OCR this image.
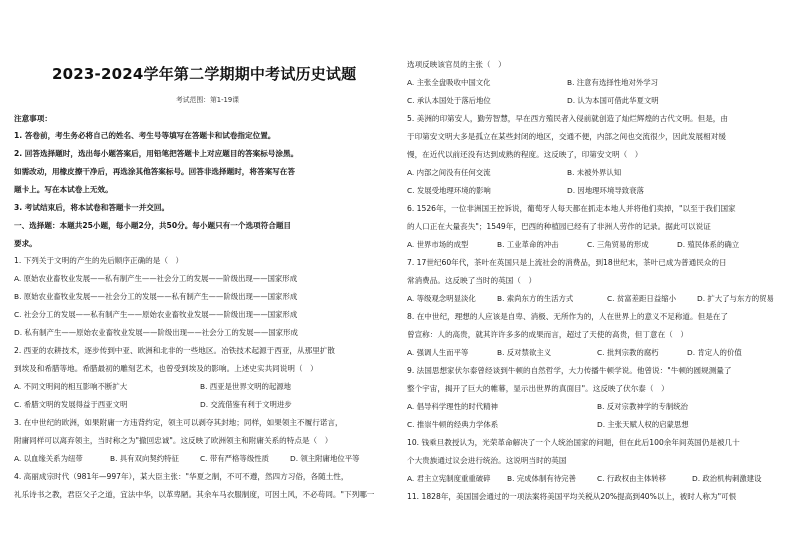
2023-2024学年第二学期期中考试历史试题
考试范围：第1-19课
注意事项：
1. 答卷前，考生务必将自己的姓名、考生号等填写在答题卡和试卷指定位置。
2. 回答选择题时，选出每小题答案后，用铅笔把答题卡上对应题目的答案标号涂黑。
如需改动，用橡皮擦干净后，再选涂其他答案标号。回答非选择题时，将答案写在答
题卡上。写在本试卷上无效。
3. 考试结束后，将本试卷和答题卡一并交回。
一、选择题：本题共25小题，每小题2分，共50分。每小题只有一个选项符合题目
要求。
1. 下列关于文明的产生的先后顺序正确的是（　）
A. 原始农业畜牧业发展——私有制产生——社会分工的发展——阶级出现——国家形成
B. 原始农业畜牧业发展——社会分工的发展——私有制产生——阶级出现——国家形成
C. 社会分工的发展——私有制产生——原始农业畜牧业发展——阶级出现——国家形成
D. 私有制产生——原始农业畜牧业发展——阶级出现——社会分工的发展——国家形成
2. 西亚的农耕技术，逐步传到中亚、欧洲和北非的一些地区。冶铁技术起源于西亚，从那里扩散
到埃及和希腊等地。希腊最初的雕刻艺术，也曾受到埃及的影响。上述史实共同说明（　）
A. 不同文明间的相互影响不断扩大	B. 西亚是世界文明的起源地
C. 希腊文明的发展得益于西亚文明	D. 交流借鉴有利于文明进步
3. 在中世纪的欧洲，如果附庸一方违背约定，领主可以剥夺其封地；同样，如果领主不履行诺言，
附庸同样可以离弃领主，当时称之为"撤回忠诚"。这反映了欧洲领主和附庸关系的特点是（　）
A. 以血缘关系为纽带	B. 具有双向契约特征	C. 带有严格等级性质	D. 领主附庸地位平等
4. 高丽成宗时代（981年—997年），某大臣主张："华夏之制，不可不遵，然四方习俗，各随土性，
礼乐诗书之教，君臣父子之道，宜法中华，以革卑陋。其余车马衣服制度，可因土风，不必苟同。"下列哪一
选项反映该官员的主张（　）
A. 主张全盘吸收中国文化	B. 注意有选择性地对外学习
C. 承认本国处于落后地位	D. 认为本国可借此华夏文明
5. 美洲的印第安人，勤劳智慧，早在西方殖民者入侵前就创造了灿烂辉煌的古代文明。但是，由
于印第安文明大多是孤立在某些封闭的地区，交通不便，内部之间也交流很少，因此发展相对缓
慢，在近代以前还没有达到成熟的程度。这反映了，印第安文明（　）
A. 内部之间没有任何交流	B. 未被外界认知
C. 发展受地理环境的影响	D. 因地理环境导致衰落
6. 1526年，一位非洲国王控诉说，葡萄牙人每天都在抓走本地人并将他们卖掉，"以至于我们国家
的人口正在大量丧失"；1549年，巴西的种植园已经有了非洲人劳作的记录。据此可以说证
A. 世界市场的成型	B. 工业革命的冲击	C. 三角贸易的形成	D. 殖民体系的确立
7. 17世纪60年代，茶叶在英国只是上流社会的消费品，到18世纪末，茶叶已成为普通民众的日
常消费品。这反映了当时的英国（　）
A. 等级观念明显淡化	B. 索尚东方的生活方式	C. 贫富差距日益缩小	D. 扩大了与东方的贸易
8. 在中世纪，理想的人应该是自卑、消极、无所作为的，人在世界上的意义不足称道。但是在了
曾宣称：人的高贵，就其许许多多的成果而言，超过了天使的高贵，但丁意在（　）
A. 强调人生而平等	B. 反对禁欲主义	C. 批判宗教的腐朽	D. 肯定人的价值
9. 法国思想家伏尔泰曾经谈到牛顿的自然哲学，大力传播牛顿学说。他曾说："牛顿的圆规测量了
整个宇宙，揭开了巨大的帷幕，显示出世界的真面目"。这反映了伏尔泰（　）
A. 倡导科学理性的时代精神	B. 反对宗教神学的专制统治
C. 推崇牛顿的经典力学体系	D. 主张天赋人权的启蒙思想
10. 钱乘旦教授认为，光荣革命解决了一个人统治国家的问题，但在此后100余年间英国仍是被几十
个大贵族通过议会进行统治。这说明当时的英国
A. 君主立宪制度重重破碎 B. 完成体制有待完善	C. 行政权由主体转移	D. 政治机构刺激建设
11. 1828年，美国国会通过的一项法案将美国平均关税从20%提高到40%以上，被时人称为"可恨
